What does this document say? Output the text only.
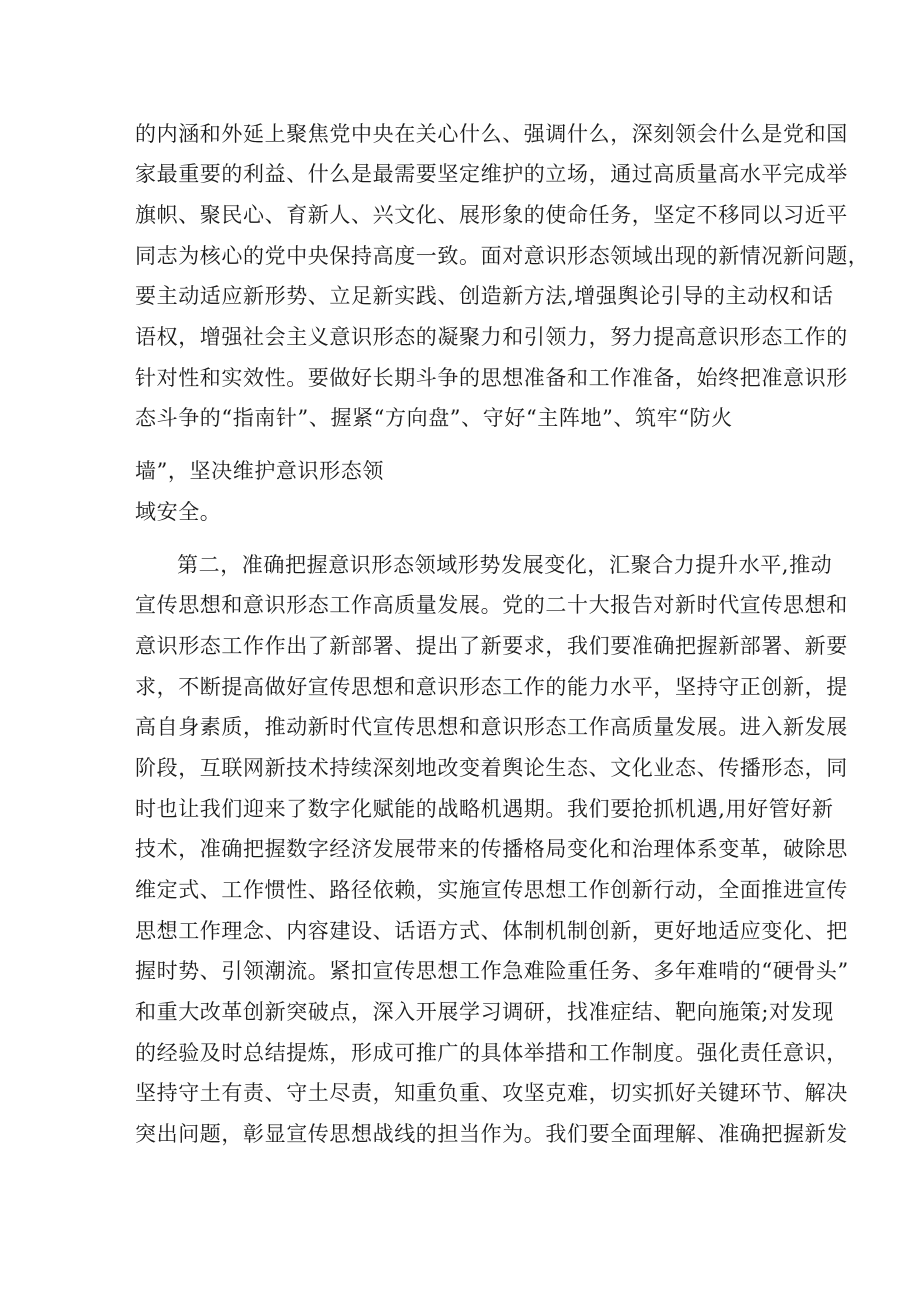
的内涵和外延上聚焦党中央在关心什么、强调什么，深刻领会什么是党和国
家最重要的利益、什么是最需要坚定维护的立场，通过高质量高水平完成举
旗帜、聚民心、育新人、兴文化、展形象的使命任务，坚定不移同以习近平
同志为核心的党中央保持高度一致。面对意识形态领域出现的新情况新问题，
要主动适应新形势、立足新实践、创造新方法,增强舆论引导的主动权和话
语权，增强社会主义意识形态的凝聚力和引领力，努力提高意识形态工作的
针对性和实效性。要做好长期斗争的思想准备和工作准备，始终把准意识形
态斗争的“指南针”、握紧“方向盘”、守好“主阵地”、筑牢“防火
墙”，坚决维护意识形态领
域安全。
第二，准确把握意识形态领域形势发展变化，汇聚合力提升水平,推动
宣传思想和意识形态工作高质量发展。党的二十大报告对新时代宣传思想和
意识形态工作作出了新部署、提出了新要求，我们要准确把握新部署、新要
求，不断提高做好宣传思想和意识形态工作的能力水平，坚持守正创新，提
高自身素质，推动新时代宣传思想和意识形态工作高质量发展。进入新发展
阶段，互联网新技术持续深刻地改变着舆论生态、文化业态、传播形态，同
时也让我们迎来了数字化赋能的战略机遇期。我们要抢抓机遇,用好管好新
技术，准确把握数字经济发展带来的传播格局变化和治理体系变革，破除思
维定式、工作惯性、路径依赖，实施宣传思想工作创新行动，全面推进宣传
思想工作理念、内容建设、话语方式、体制机制创新，更好地适应变化、把
握时势、引领潮流。紧扣宣传思想工作急难险重任务、多年难啃的“硬骨头”
和重大改革创新突破点，深入开展学习调研，找准症结、靶向施策;对发现
的经验及时总结提炼，形成可推广的具体举措和工作制度。强化责任意识，
坚持守土有责、守土尽责，知重负重、攻坚克难，切实抓好关键环节、解决
突出问题，彰显宣传思想战线的担当作为。我们要全面理解、准确把握新发
